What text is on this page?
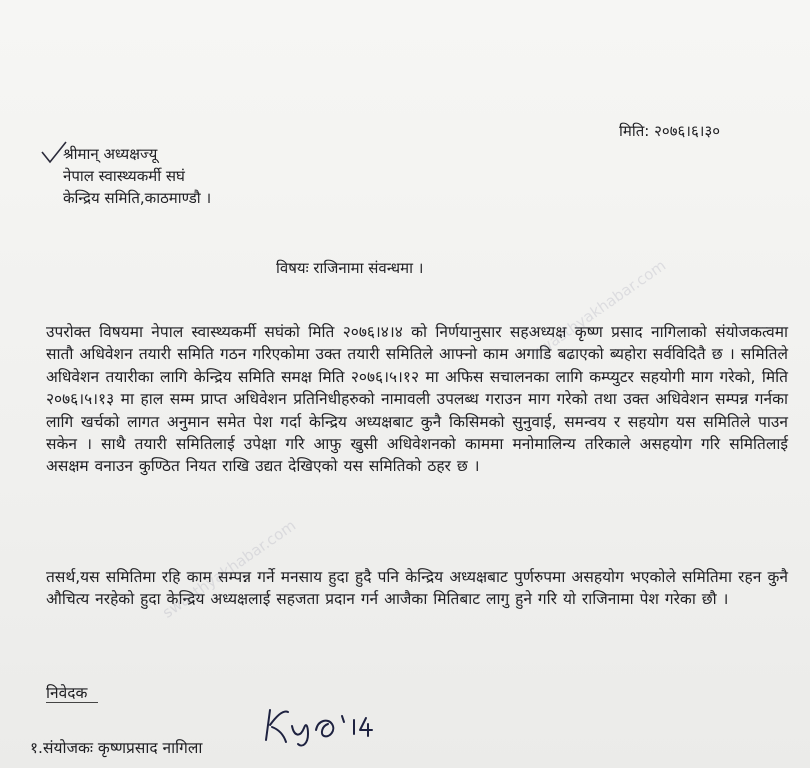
मिति: २०७६।६।३०
श्रीमान् अध्यक्षज्यू
नेपाल स्वास्थ्यकर्मी सघं
केन्द्रिय समिति,काठमाण्डौ ।
विषयः राजिनामा संवन्धमा ।
उपरोक्त विषयमा नेपाल स्वास्थ्यकर्मी सघंको मिति २०७६।४।४ को निर्णयानुसार सहअध्यक्ष कृष्ण प्रसाद नागिलाको संयोजकत्वमा सातौ अधिवेशन तयारी समिति गठन गरिएकोमा उक्त तयारी समितिले आफ्नो काम अगाडि बढाएको ब्यहोरा सर्वविदितै छ । समितिले अधिवेशन तयारीका लागि केन्द्रिय समिति समक्ष मिति २०७६।५।१२ मा अफिस सचालनका लागि कम्प्युटर सहयोगी माग गरेको, मिति २०७६।५।१३ मा हाल सम्म प्राप्त अधिवेशन प्रतिनिधीहरुको नामावली उपलब्ध गराउन माग गरेको तथा उक्त अधिवेशन सम्पन्न गर्नका लागि खर्चको लागत अनुमान समेत पेश गर्दा केन्द्रिय अध्यक्षबाट कुनै किसिमको सुनुवाई, समन्वय र सहयोग यस समितिले पाउन सकेन । साथै तयारी समितिलाई उपेक्षा गरि आफु खुसी अधिवेशनको काममा मनोमालिन्य तरिकाले असहयोग गरि समितिलाई असक्षम वनाउन कुण्ठित नियत राखि उद्यत देखिएको यस समितिको ठहर छ ।
तसर्थ,यस समितिमा रहि काम सम्पन्न गर्ने मनसाय हुदा हुदै पनि केन्द्रिय अध्यक्षबाट पुर्णरुपमा असहयोग भएकोले समितिमा रहन कुनै औचित्य नरहेको हुदा केन्द्रिय अध्यक्षलाई सहजता प्रदान गर्न आजैका मितिबाट लागु हुने गरि यो राजिनामा पेश गरेका छौ ।
निवेदक
१.संयोजकः कृष्णप्रसाद नागिला
swasthyakhabar.com
swasthyakhabar.com
